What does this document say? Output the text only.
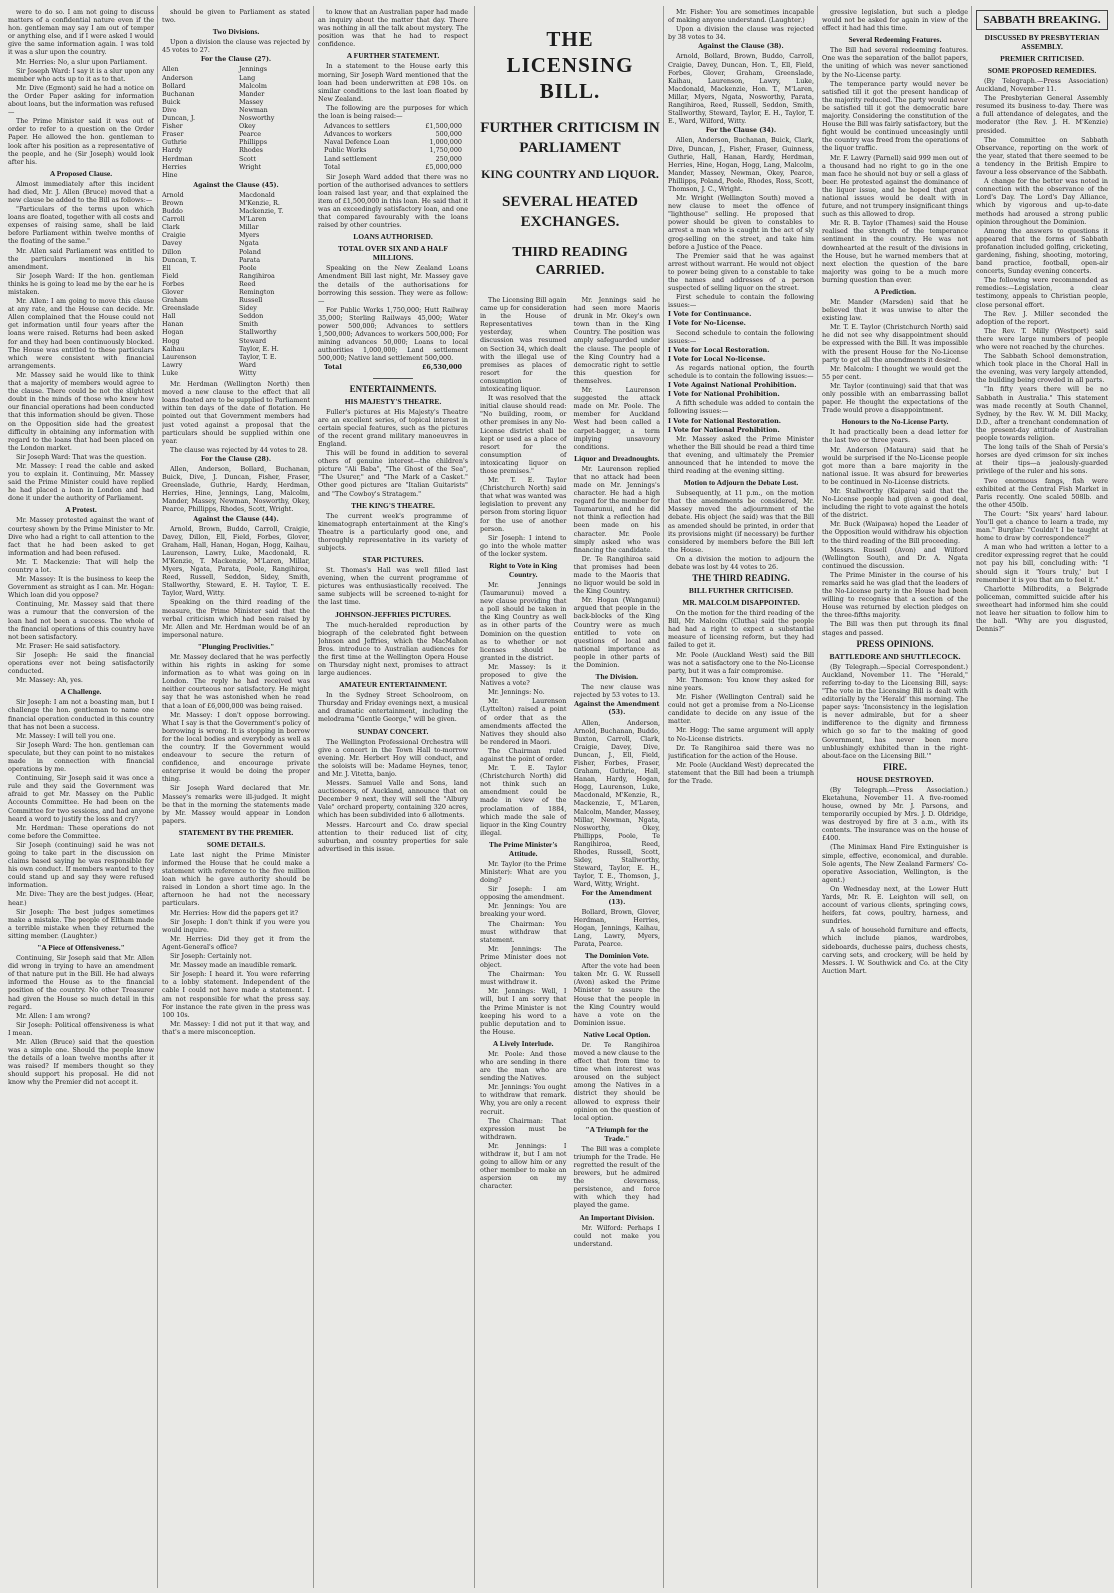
were to do so. I am not going to discuss matters of a confidential nature even if the hon. gentleman may say I am out of temper or anything else, and if I were asked I would give the same information again. I was told it was a slur upon the country.

Mr. Herries: No, a slur upon Parliament.

Sir Joseph Ward: I say it is a slur upon any member who acts up to it as to that.

Mr. Dive (Egmont) said he had a notice on the Order Paper asking for information about loans, but the information was refused—

The Prime Minister said it was out of order to refer to a question on the Order Paper. He allowed the hon. gentleman to look after his position as a representative of the people, and he (Sir Joseph) would look after his.

A Proposed Clause.

Almost immediately after this incident had died, Mr. J. Allen (Bruce) moved that a new clause be added to the Bill as follows:—

"Particulars of the terms upon which loans are floated, together with all costs and expenses of raising same, shall be laid before Parliament within twelve months of the floating of the same."

Mr. Allen said Parliament was entitled to the particulars mentioned in his amendment.

Sir Joseph Ward: If the hon. gentleman thinks he is going to lead me by the ear he is mistaken.

Mr. Allen: I am going to move this clause at any rate, and the House can decide. Mr. Allen complained that the House could not get information until four years after the loans were raised. Returns had been asked for and they had been continuously blocked. The House was entitled to these particulars which were consistent with financial arrangements.

Mr. Massey said he would like to think that a majority of members would agree to the clause. There could be not the slightest doubt in the minds of those who knew how our financial operations had been conducted that this information should be given. Those on the Opposition side had the greatest difficulty in obtaining any information with regard to the loans that had been placed on the London market.

Sir Joseph Ward: That was the question.

Mr. Massey: I read the cable and asked you to explain it. Continuing, Mr. Massey said the Prime Minister could have replied he had placed a loan in London and had done it under the authority of Parliament.

A Protest.

Mr. Massey protested against the want of courtesy shown by the Prime Minister to Mr. Dive who had a right to call attention to the fact that he had been asked to get information and had been refused.

Mr. T. Mackenzie: That will help the country a lot.

Mr. Massey: It is the business to keep the Government as straight as I can. Mr. Hogan: Which loan did you oppose?

Continuing, Mr. Massey said that there was a rumour that the conversion of the loan had not been a success. The whole of the financial operations of this country have not been satisfactory.

Mr. Fraser: He said satisfactory.

Sir Joseph: He said the financial operations ever not being satisfactorily conducted.

Mr. Massey: Ah, yes.

A Challenge.

Sir Joseph: I am not a boasting man, but I challenge the hon. gentleman to name one financial operation conducted in this country that has not been a success.

Mr. Massey: I will tell you one.

Sir Joseph Ward: The hon. gentleman can speculate, but they can point to no mistakes made in connection with financial operations by me.

Continuing, Sir Joseph said it was once a rule and they said the Government was afraid to get Mr. Massey on the Public Accounts Committee. He had been on the Committee for two sessions, and had anyone heard a word to justify the loss and cry?

Mr. Herdman: These operations do not come before the Committee.

Sir Joseph (continuing) said he was not going to take part in the discussion on claims based saying he was responsible for his own conduct. If members wanted to they could stand up and say they were refused information.

Mr. Dive: They are the best judges. (Hear, hear.)

Sir Joseph: The best judges sometimes make a mistake. The people of Eltham made a terrible mistake when they returned the sitting member. (Laughter.)

"A Piece of Offensiveness."

Continuing, Sir Joseph said that Mr. Allen did wrong in trying to have an amendment of that nature put in the Bill. He had always informed the House as to the financial position of the country. No other Treasurer had given the House so much detail in this regard.

Mr. Allen: I am wrong?

Sir Joseph: Political offensiveness is what I mean.

Mr. Allen (Bruce) said that the question was a simple one. Should the people know the details of a loan twelve months after it was raised? If members thought so they should support his proposal. He did not know why the Premier did not accept it.

should be given to Parliament as stated two.

Two Divisions.

Upon a division the clause was rejected by 45 votes to 27.

For the Clause (27).
Allen
Anderson
Bollard
Buchanan
Buick
Dive
Duncan, J.
Fisher
Fraser
Guthrie
Hardy
Herdman
Herries
Hine
Jennings
Lang
Malcolm
Mander
Massey
Newman
Nosworthy
Okey
Pearce
Phillipps
Rhodes
Scott
Wright
Against the Clause (45).
Arnold
Brown
Buddo
Carroll
Clark
Craigie
Davey
Dillon
Duncan, T.
Ell
Field
Forbes
Glover
Graham
Greenslade
Hall
Hanan
Hogan
Hogg
Kaihau
Laurenson
Lawry
Luke
Macdonald
M'Kenzie, R.
Mackenzie, T.
M'Laren
Millar
Myers
Ngata
Poland
Parata
Poole
Rangihiroa
Reed
Remington
Russell
Sidey
Seddon
Smith
Stallworthy
Steward
Taylor, E. H.
Taylor, T. E.
Ward
Witty

Mr. Herdman (Wellington North) then moved a new clause to the effect that all loans floated are to be supplied to Parliament within ten days of the date of flotation. He pointed out that Government members had just voted against a proposal that the particulars should be supplied within one year.

The clause was rejected by 44 votes to 28.

For the Clause (28).

Allen, Anderson, Bollard, Buchanan, Buick, Dive, J. Duncan, Fisher, Fraser, Greenslade, Guthrie, Hardy, Herdman, Herries, Hine, Jennings, Lang, Malcolm, Mander, Massey, Newman, Nosworthy, Okey, Pearce, Phillipps, Rhodes, Scott, Wright.

Against the Clause (44).

Arnold, Brown, Buddo, Carroll, Craigie, Davey, Dillon, Ell, Field, Forbes, Glover, Graham, Hall, Hanan, Hogan, Hogg, Kaihau, Laurenson, Lawry, Luke, Macdonald, R. M'Kenzie, T. Mackenzie, M'Laren, Millar, Myers, Ngata, Parata, Poole, Rangihiroa, Reed, Russell, Seddon, Sidey, Smith, Stallworthy, Steward, E. H. Taylor, T. E. Taylor, Ward, Witty.

Speaking on the third reading of the measure, the Prime Minister said that the verbal criticism which had been raised by Mr. Allen and Mr. Herdman would be of an impersonal nature.

"Plunging Proclivities."

Mr. Massey declared that he was perfectly within his rights in asking for some information as to what was going on in London. The reply he had received was neither courteous nor satisfactory. He might say that he was astonished when he read that a loan of £6,000,000 was being raised.

Mr. Massey: I don't oppose borrowing. What I say is that the Government's policy of borrowing is wrong. It is stopping in borrow for the local bodies and everybody as well as the country. If the Government would endeavour to secure the return of confidence, and encourage private enterprise it would be doing the proper thing.

Sir Joseph Ward declared that Mr. Massey's remarks were ill-judged. It might be that in the morning the statements made by Mr. Massey would appear in London papers.

STATEMENT BY THE PREMIER.
SOME DETAILS.

Late last night the Prime Minister informed the House that he could make a statement with reference to the five million loan which he gave authority should be raised in London a short time ago. In the afternoon he had not the necessary particulars.

Mr. Herries: How did the papers get it?

Sir Joseph: I don't think if you were you would inquire.

Mr. Herries: Did they get it from the Agent-General's office?

Sir Joseph: Certainly not.

Mr. Massey made an inaudible remark.

Sir Joseph: I heard it. You were referring to a lobby statement. Independent of the cable I could not have made a statement. I am not responsible for what the press say. For instance the rate given in the press was 100 10s.

Mr. Massey: I did not put it that way, and that's a mere misconception.

to know that an Australian paper had made an inquiry about the matter that day. There was nothing in all the talk about mystery. The position was that he had to respect confidence.

A FURTHER STATEMENT.

In a statement to the House early this morning, Sir Joseph Ward mentioned that the loan had been underwritten at £98 10s. on similar conditions to the last loan floated by New Zealand.

The following are the purposes for which the loan is being raised:—

Advances to settlers	£1,500,000
Advances to workers	500,000
Naval Defence Loan	1,000,000
Public Works	1,750,000
Land settlement	250,000
Total	£5,000,000

Sir Joseph Ward added that there was no portion of the authorised advances to settlers loan raised last year, and that explained the item of £1,500,000 in this loan. He said that it was an exceedingly satisfactory loan, and one that compared favourably with the loans raised by other countries.

LOANS AUTHORISED.
TOTAL OVER SIX AND A HALF MILLIONS.

Speaking on the New Zealand Loans Amendment Bill last night, Mr. Massey gave the details of the authorisations for borrowing this session. They were as follow:—

For Public Works 1,750,000; Hutt Railway 35,000; Sterling Railways 45,000; Water power 500,000; Advances to settlers 1,500,000; Advances to workers 500,000; For mining advances 50,000; Loans to local authorities 1,000,000; Land settlement 500,000; Native land settlement 500,000.

Total	£6,530,000
ENTERTAINMENTS.
HIS MAJESTY'S THEATRE.

Fuller's pictures at His Majesty's Theatre are an excellent series, of topical interest in certain special features, such as the pictures of the recent grand military manoeuvres in England.

This will be found in addition to several others of genuine interest—the children's picture "Ali Baba", "The Ghost of the Sea", "The Usurer," and "The Mark of a Casket." Other good pictures are "Italian Guitarists" and "The Cowboy's Stratagem."

THE KING'S THEATRE.

The current week's programme of kinematograph entertainment at the King's Theatre is a particularly good one, and thoroughly representative in its variety of subjects.

STAR PICTURES.

St. Thomas's Hall was well filled last evening, when the current programme of pictures was enthusiastically received. The same subjects will be screened to-night for the last time.

JOHNSON-JEFFRIES PICTURES.

The much-heralded reproduction by biograph of the celebrated fight between Johnson and Jeffries, which the MacMahon Bros. introduce to Australian audiences for the first time at the Wellington Opera House on Thursday night next, promises to attract large audiences.

AMATEUR ENTERTAINMENT.

In the Sydney Street Schoolroom, on Thursday and Friday evenings next, a musical and dramatic entertainment, including the melodrama "Gentle George," will be given.

SUNDAY CONCERT.

The Wellington Professional Orchestra will give a concert in the Town Hall to-morrow evening. Mr. Herbert Hoy will conduct, and the soloists will be: Madame Heynes, tenor, and Mr. J. Vitetta, banjo.

Messrs. Samuel Valle and Sons, land auctioneers, of Auckland, announce that on December 9 next, they will sell the "Albury Vale" orchard property, containing 320 acres, which has been subdivided into 6 allotments.

Messrs. Harcourt and Co. draw special attention to their reduced list of city, suburban, and country properties for sale advertised in this issue.

THE LICENSING BILL.
FURTHER CRITICISM IN PARLIAMENT
KING COUNTRY AND LIQUOR.
SEVERAL HEATED EXCHANGES.
THIRD READING CARRIED.

The Licensing Bill again came up for consideration in the House of Representatives yesterday, when discussion was resumed on Section 34, which dealt with the illegal use of premises as places of resort for the consumption of intoxicating liquor.

It was resolved that the initial clause should read: "No building, room, or other premises in any No-License district shall be kept or used as a place of resort for the consumption of intoxicating liquor on those premises."

Mr. T. E. Taylor (Christchurch North) said that what was wanted was legislation to prevent any person from storing liquor for the use of another person.

Sir Joseph: I intend to go into the whole matter of the locker system.

Right to Vote in King Country.

Mr. Jennings (Taumarunui) moved a new clause providing that a poll should be taken in the King Country as well as in other parts of the Dominion on the question as to whether or not licenses should be granted in the district.

Mr. Massey: Is it proposed to give the Natives a vote?

Mr. Jennings: No.

Mr. Laurenson (Lyttelton) raised a point of order that as the amendments affected the Natives they should also be rendered in Maori.

The Chairman ruled against the point of order.

Mr. T. E. Taylor (Christchurch North) did not think such an amendment could be made in view of the proclamation of 1884, which made the sale of liquor in the King Country illegal.

The Prime Minister's Attitude.

Mr. Taylor (to the Prime Minister): What are you doing?

Sir Joseph: I am opposing the amendment.

Mr. Jennings: You are breaking your word.

The Chairman: You must withdraw that statement.

Mr. Jennings: The Prime Minister does not object.

The Chairman: You must withdraw it.

Mr. Jennings: Well, I will, but I am sorry that the Prime Minister is not keeping his word to a public deputation and to the House.

A Lively Interlude.

Mr. Poole: And those who are sending in there are the man who are sending the Natives.

Mr. Jennings: You ought to withdraw that remark. Why, you are only a recent recruit.

The Chairman: That expression must be withdrawn.

Mr. Jennings: I withdraw it, but I am not going to allow him or any other member to make an aspersion on my character.

Mr. Jennings said he had seen more Maoris drunk in Mr. Okey's own town than in the King Country. The position was amply safeguarded under the clause. The people of the King Country had a democratic right to settle this question for themselves.

Mr. Laurenson suggested the attack made on Mr. Poole. The member for Auckland West had been called a carpet-bagger, a term implying unsavoury conditions.

Liquor and Dreadnoughts.

Mr. Laurenson replied that no attack had been made on Mr. Jennings's character. He had a high regard for the member for Taumarunui, and he did not think a reflection had been made on his character. Mr. Poole simply asked who was financing the candidate.

Dr. Te Rangihiroa said that promises had been made to the Maoris that no liquor would be sold in the King Country.

Mr. Hogan (Wanganui) argued that people in the back-blocks of the King Country were as much entitled to vote on questions of local and national importance as people in other parts of the Dominion.

The Division.

The new clause was rejected by 53 votes to 13.

Against the Amendment (53).

Allen, Anderson, Arnold, Buchanan, Buddo, Buxton, Carroll, Clark, Craigie, Davey, Dive, Duncan, J., Ell, Field, Fisher, Forbes, Fraser, Graham, Guthrie, Hall, Hanan, Hardy, Hogan, Hogg, Laurenson, Luke, Macdonald, M'Kenzie, R., Mackenzie, T., M'Laren, Malcolm, Mander, Massey, Millar, Newman, Ngata, Nosworthy, Okey, Phillipps, Poole, Te Rangihiroa, Reed, Rhodes, Russell, Scott, Sidey, Stallworthy, Steward, Taylor, E. H., Taylor, T. E., Thomson, J., Ward, Witty, Wright.

For the Amendment (13).

Bollard, Brown, Glover, Herdman, Herries, Hogan, Jennings, Kaihau, Lang, Lawry, Myers, Parata, Pearce.

The Dominion Vote.

After the vote had been taken Mr. G. W. Russell (Avon) asked the Prime Minister to assure the House that the people in the King Country would have a vote on the Dominion issue.

Native Local Option.

Dr. Te Rangihiroa moved a new clause to the effect that from time to time when interest was aroused on the subject among the Natives in a district they should be allowed to express their opinion on the question of local option.

"A Triumph for the Trade."

The Bill was a complete triumph for the Trade. He regretted the result of the brewers, but he admired the cleverness, persistence, and force with which they had played the game.

An Important Division.

Mr. Wilford: Perhaps I could not make you understand.

Mr. Fisher: You are sometimes incapable of making anyone understand. (Laughter.)

Upon a division the clause was rejected by 38 votes to 34.

Against the Clause (38).

Arnold, Bollard, Brown, Buddo, Carroll, Craigie, Davey, Duncan, Hon. T., Ell, Field, Forbes, Glover, Graham, Greenslade, Kaihau, Laurenson, Lawry, Luke, Macdonald, Mackenzie, Hon. T., M'Laren, Millar, Myers, Ngata, Nosworthy, Parata, Rangihiroa, Reed, Russell, Seddon, Smith, Stallworthy, Steward, Taylor, E. H., Taylor, T. E., Ward, Wilford, Witty.

For the Clause (34).

Allen, Anderson, Buchanan, Buick, Clark, Dive, Duncan, J., Fisher, Fraser, Guinness, Guthrie, Hall, Hanan, Hardy, Herdman, Herries, Hine, Hogan, Hogg, Lang, Malcolm, Mander, Massey, Newman, Okey, Pearce, Phillipps, Poland, Poole, Rhodes, Ross, Scott, Thomson, J. C., Wright.

Mr. Wright (Wellington South) moved a new clause to meet the offence of "lighthouse" selling. He proposed that power should be given to constables to arrest a man who is caught in the act of sly grog-selling on the street, and take him before a Justice of the Peace.

The Premier said that he was against arrest without warrant. He would not object to power being given to a constable to take the names and addresses of a person suspected of selling liquor on the street.

First schedule to contain the following issues:—

I Vote for Continuance.
I Vote for No-License.

Second schedule to contain the following issues:—

I Vote for Local Restoration.
I Vote for Local No-license.

As regards national option, the fourth schedule is to contain the following issues:—

I Vote Against National Prohibition.
I Vote for National Prohibition.

A fifth schedule was added to contain the following issues:—

I Vote for National Restoration.
I Vote for National Prohibition.

Mr. Massey asked the Prime Minister whether the Bill should be read a third time that evening, and ultimately the Premier announced that he intended to move the third reading at the evening sitting.

Motion to Adjourn the Debate Lost.

Subsequently, at 11 p.m., on the motion that the amendments be considered, Mr. Massey moved the adjournment of the debate. His object (he said) was that the Bill as amended should be printed, in order that its provisions might (if necessary) be further considered by members before the Bill left the House.

On a division the motion to adjourn the debate was lost by 44 votes to 26.

THE THIRD READING.
BILL FURTHER CRITICISED.
MR. MALCOLM DISAPPOINTED.

On the motion for the third reading of the Bill, Mr. Malcolm (Clutha) said the people had had a right to expect a substantial measure of licensing reform, but they had failed to get it.

Mr. Poole (Auckland West) said the Bill was not a satisfactory one to the No-License party, but it was a fair compromise.

Mr. Thomson: You know they asked for nine years.

Mr. Fisher (Wellington Central) said he could not get a promise from a No-License candidate to decide on any issue of the matter.

Mr. Hogg: The same argument will apply to No-License districts.

Dr. Te Rangihiroa said there was no justification for the action of the House.

Mr. Poole (Auckland West) deprecated the statement that the Bill had been a triumph for the Trade.

gressive legislation, but such a pledge would not be asked for again in view of the effect it had had this time.

Several Redeeming Features.

The Bill had several redeeming features. One was the separation of the ballot papers, the uniting of which was never sanctioned by the No-License party.

The temperance party would never be satisfied till it got the present handicap of the majority reduced. The party would never be satisfied till it got the democratic bare majority. Considering the constitution of the House the Bill was fairly satisfactory, but the fight would be continued unceasingly until the country was freed from the operations of the liquor traffic.

Mr. F. Lawry (Parnell) said 999 men out of a thousand had no right to go in the one man face he should not buy or sell a glass of beer. He protested against the dominance of the liquor issue, and he hoped that great national issues would be dealt with in future, and not trumpery insignificant things such as this allowed to drop.

Mr. R. B. Taylor (Thames) said the House realised the strength of the temperance sentiment in the country. He was not downhearted at the result of the divisions in the House, but he warned members that at next election the question of the bare majority was going to be a much more burning question than ever.

A Prediction.

Mr. Mander (Marsden) said that he believed that it was unwise to alter the existing law.

Mr. T. E. Taylor (Christchurch North) said he did not see why disappointment should be expressed with the Bill. It was impossible with the present House for the No-License party to get all the amendments it desired.

Mr. Malcolm: I thought we would get the 55 per cent.

Mr. Taylor (continuing) said that that was only possible with an embarrassing ballot paper. He thought the expectations of the Trade would prove a disappointment.

Honours to the No-License Party.

It had practically been a dead letter for the last two or three years.

Mr. Anderson (Mataura) said that he would be surprised if the No-License people got more than a bare majority in the national issue. It was absurd for breweries to be continued in No-License districts.

Mr. Stallworthy (Kaipara) said that the No-License people had given a good deal, including the right to vote against the hotels of the district.

Mr. Buck (Waipawa) hoped the Leader of the Opposition would withdraw his objection to the third reading of the Bill proceeding.

Messrs. Russell (Avon) and Wilford (Wellington South), and Dr. A. Ngata continued the discussion.

The Prime Minister in the course of his remarks said he was glad that the leaders of the No-License party in the House had been willing to recognise that a section of the House was returned by election pledges on the three-fifths majority.

The Bill was then put through its final stages and passed.

PRESS OPINIONS.
BATTLEDORE AND SHUTTLECOCK.

(By Telegraph.—Special Correspondent.) Auckland, November 11. The "Herald," referring to-day to the Licensing Bill, says: "The vote in the Licensing Bill is dealt with editorially by the 'Herald' this morning. The paper says: 'Inconsistency in the legislation is never admirable, but for a sheer indifference to the dignity and firmness which go so far to the making of good Government, has never been more unblushingly exhibited than in the right-about-face on the Licensing Bill.'"

FIRE.
HOUSE DESTROYED.

(By Telegraph.—Press Association.) Eketahuna, November 11. A five-roomed house, owned by Mr. J. Parsons, and temporarily occupied by Mrs. J. D. Oldridge, was destroyed by fire at 3 a.m., with its contents. The insurance was on the house of £400.

(The Minimax Hand Fire Extinguisher is simple, effective, economical, and durable. Sole agents, The New Zealand Farmers' Co-operative Association, Wellington, is the agent.)

On Wednesday next, at the Lower Hutt Yards, Mr. R. E. Leighton will sell, on account of various clients, springing cows, heifers, fat cows, poultry, harness, and sundries.

A sale of household furniture and effects, which include pianos, wardrobes, sideboards, duchesse pairs, duchess chests, carving sets, and crockery, will be held by Messrs. I. W. Southwick and Co. at the City Auction Mart.

SABBATH BREAKING.
DISCUSSED BY PRESBYTERIAN ASSEMBLY.
PREMIER CRITICISED.
SOME PROPOSED REMEDIES.

(By Telegraph.—Press Association) Auckland, November 11.

The Presbyterian General Assembly resumed its business to-day. There was a full attendance of delegates, and the moderator (the Rev. J. H. M'Kenzie) presided.

The Committee on Sabbath Observance, reporting on the work of the year, stated that there seemed to be a tendency in the British Empire to favour a less observance of the Sabbath.

A change for the better was noted in connection with the observance of the Lord's Day. The Lord's Day Alliance, which by vigorous and up-to-date methods had aroused a strong public opinion throughout the Dominion.

Among the answers to questions it appeared that the forms of Sabbath profanation included golfing, cricketing, gardening, fishing, shooting, motoring, band practice, football, open-air concerts, Sunday evening concerts.

The following were recommended as remedies:—Legislation, a clear testimony, appeals to Christian people, close personal effort.

The Rev. J. Miller seconded the adoption of the report.

The Rev. T. Milly (Westport) said there were large numbers of people who were not reached by the churches.

The Sabbath School demonstration, which took place in the Choral Hall in the evening, was very largely attended, the building being crowded in all parts.

"In fifty years there will be no Sabbath in Australia." This statement was made recently at South Channel, Sydney, by the Rev. W. M. Dill Macky, D.D., after a trenchant condemnation of the present-day attitude of Australian people towards religion.

The long tails of the Shah of Persia's horses are dyed crimson for six inches at their tips—a jealously-guarded privilege of the ruler and his sons.

Two enormous fangs, fish were exhibited at the Central Fish Market in Paris recently. One scaled 508lb. and the other 450lb.

The Court: "Six years' hard labour. You'll get a chance to learn a trade, my man." Burglar: "Couldn't I be taught at home to draw by correspondence?"

A man who had written a letter to a creditor expressing regret that he could not pay his bill, concluding with: "I should sign it 'Yours truly,' but I remember it is you that am to feel it."

Charlotte Milbrodits, a Belgrade policeman, committed suicide after his sweetheart had informed him she could not leave her situation to follow him to the ball. "Why are you disgusted, Dennis?"
